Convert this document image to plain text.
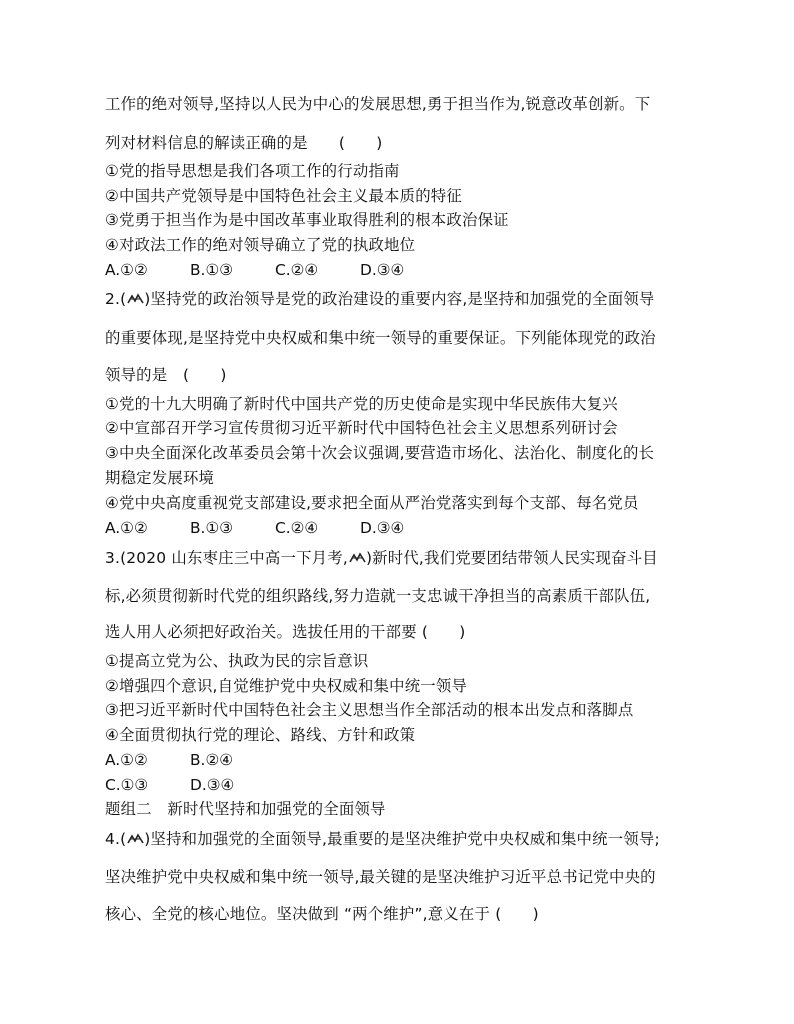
工作的绝对领导,坚持以人民为中心的发展思想,勇于担当作为,锐意改革创新。下
列对材料信息的解读正确的是　　(　　)
①党的指导思想是我们各项工作的行动指南
②中国共产党领导是中国特色社会主义最本质的特征
③党勇于担当作为是中国改革事业取得胜利的根本政治保证
④对政法工作的绝对领导确立了党的执政地位
A.①②	B.①③	C.②④	D.③④
2.( )坚持党的政治领导是党的政治建设的重要内容,是坚持和加强党的全面领导
的重要体现,是坚持党中央权威和集中统一领导的重要保证。下列能体现党的政治
领导的是　(　　)
①党的十九大明确了新时代中国共产党的历史使命是实现中华民族伟大复兴
②中宣部召开学习宣传贯彻习近平新时代中国特色社会主义思想系列研讨会
③中央全面深化改革委员会第十次会议强调,要营造市场化、法治化、制度化的长
期稳定发展环境
④党中央高度重视党支部建设,要求把全面从严治党落实到每个支部、每名党员
A.①②	B.①③	C.②④	D.③④
3.(2020 山东枣庄三中高一下月考, )新时代,我们党要团结带领人民实现奋斗目
标,必须贯彻新时代党的组织路线,努力造就一支忠诚干净担当的高素质干部队伍,
选人用人必须把好政治关。选拔任用的干部要 (　　)
①提高立党为公、执政为民的宗旨意识
②增强四个意识,自觉维护党中央权威和集中统一领导
③把习近平新时代中国特色社会主义思想当作全部活动的根本出发点和落脚点
④全面贯彻执行党的理论、路线、方针和政策
A.①②	B.②④
C.①③	D.③④
题组二　新时代坚持和加强党的全面领导
4.( )坚持和加强党的全面领导,最重要的是坚决维护党中央权威和集中统一领导;
坚决维护党中央权威和集中统一领导,最关键的是坚决维护习近平总书记党中央的
核心、全党的核心地位。坚决做到 “两个维护”,意义在于 (　　)
